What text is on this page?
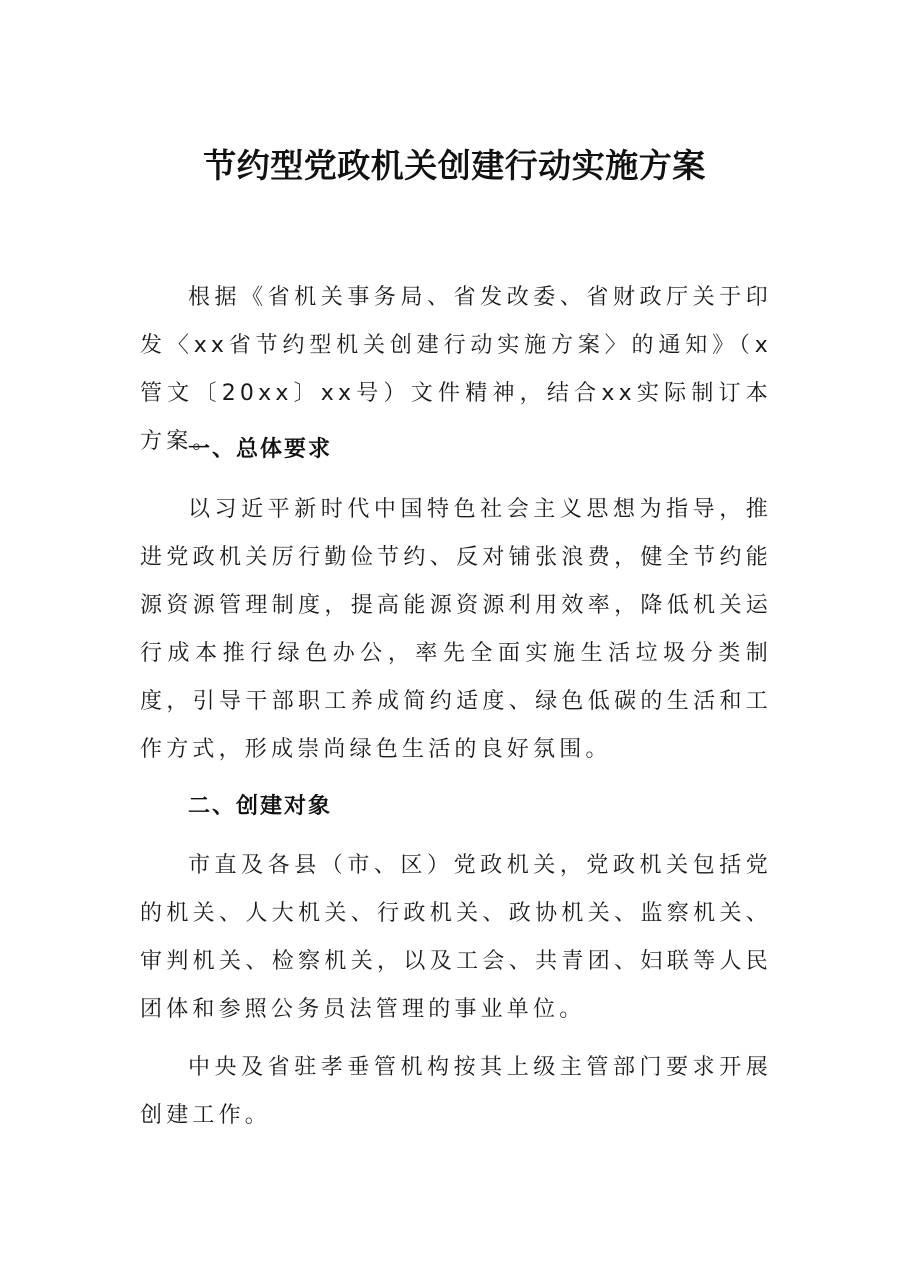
节约型党政机关创建行动实施方案

根据《省机关事务局、省发改委、省财政厅关于印发〈xx省节约型机关创建行动实施方案〉的通知》（x管文〔20xx〕xx号）文件精神，结合xx实际制订本方案。

一、总体要求

以习近平新时代中国特色社会主义思想为指导，推进党政机关厉行勤俭节约、反对铺张浪费，健全节约能源资源管理制度，提高能源资源利用效率，降低机关运行成本推行绿色办公，率先全面实施生活垃圾分类制度，引导干部职工养成简约适度、绿色低碳的生活和工作方式，形成崇尚绿色生活的良好氛围。

二、创建对象

市直及各县（市、区）党政机关，党政机关包括党的机关、人大机关、行政机关、政协机关、监察机关、审判机关、检察机关，以及工会、共青团、妇联等人民团体和参照公务员法管理的事业单位。

中央及省驻孝垂管机构按其上级主管部门要求开展创建工作。
